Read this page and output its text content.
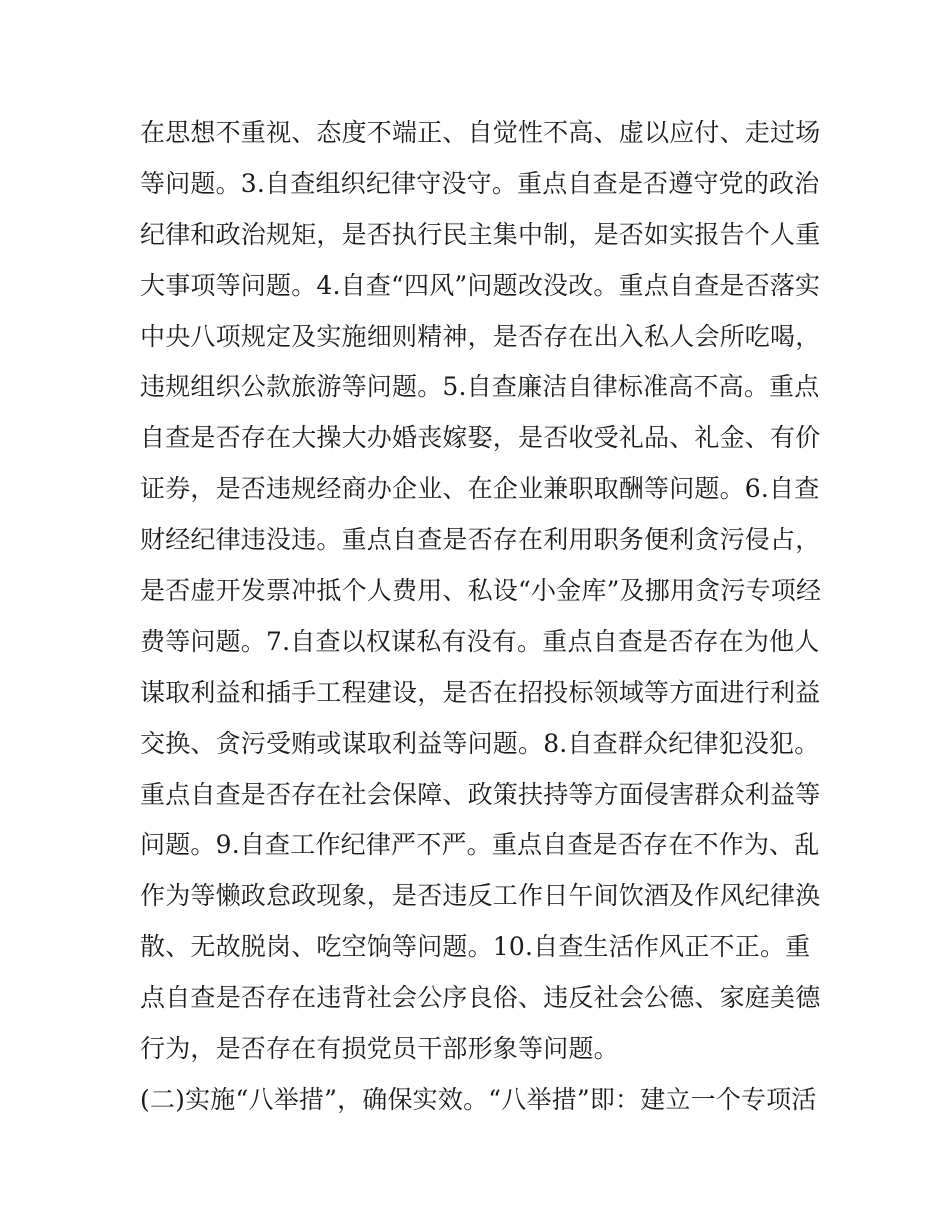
在思想不重视、态度不端正、自觉性不高、虚以应付、走过场
等问题。3.自查组织纪律守没守。重点自查是否遵守党的政治
纪律和政治规矩，是否执行民主集中制，是否如实报告个人重
大事项等问题。4.自查“四风”问题改没改。重点自查是否落实
中央八项规定及实施细则精神，是否存在出入私人会所吃喝，
违规组织公款旅游等问题。5.自查廉洁自律标准高不高。重点
自查是否存在大操大办婚丧嫁娶，是否收受礼品、礼金、有价
证券，是否违规经商办企业、在企业兼职取酬等问题。6.自查
财经纪律违没违。重点自查是否存在利用职务便利贪污侵占，
是否虚开发票冲抵个人费用、私设“小金库”及挪用贪污专项经
费等问题。7.自查以权谋私有没有。重点自查是否存在为他人
谋取利益和插手工程建设，是否在招投标领域等方面进行利益
交换、贪污受贿或谋取利益等问题。8.自查群众纪律犯没犯。
重点自查是否存在社会保障、政策扶持等方面侵害群众利益等
问题。9.自查工作纪律严不严。重点自查是否存在不作为、乱
作为等懒政怠政现象，是否违反工作日午间饮酒及作风纪律涣
散、无故脱岗、吃空饷等问题。10.自查生活作风正不正。重
点自查是否存在违背社会公序良俗、违反社会公德、家庭美德
行为，是否存在有损党员干部形象等问题。
(二)实施“八举措”，确保实效。“八举措”即：建立一个专项活
